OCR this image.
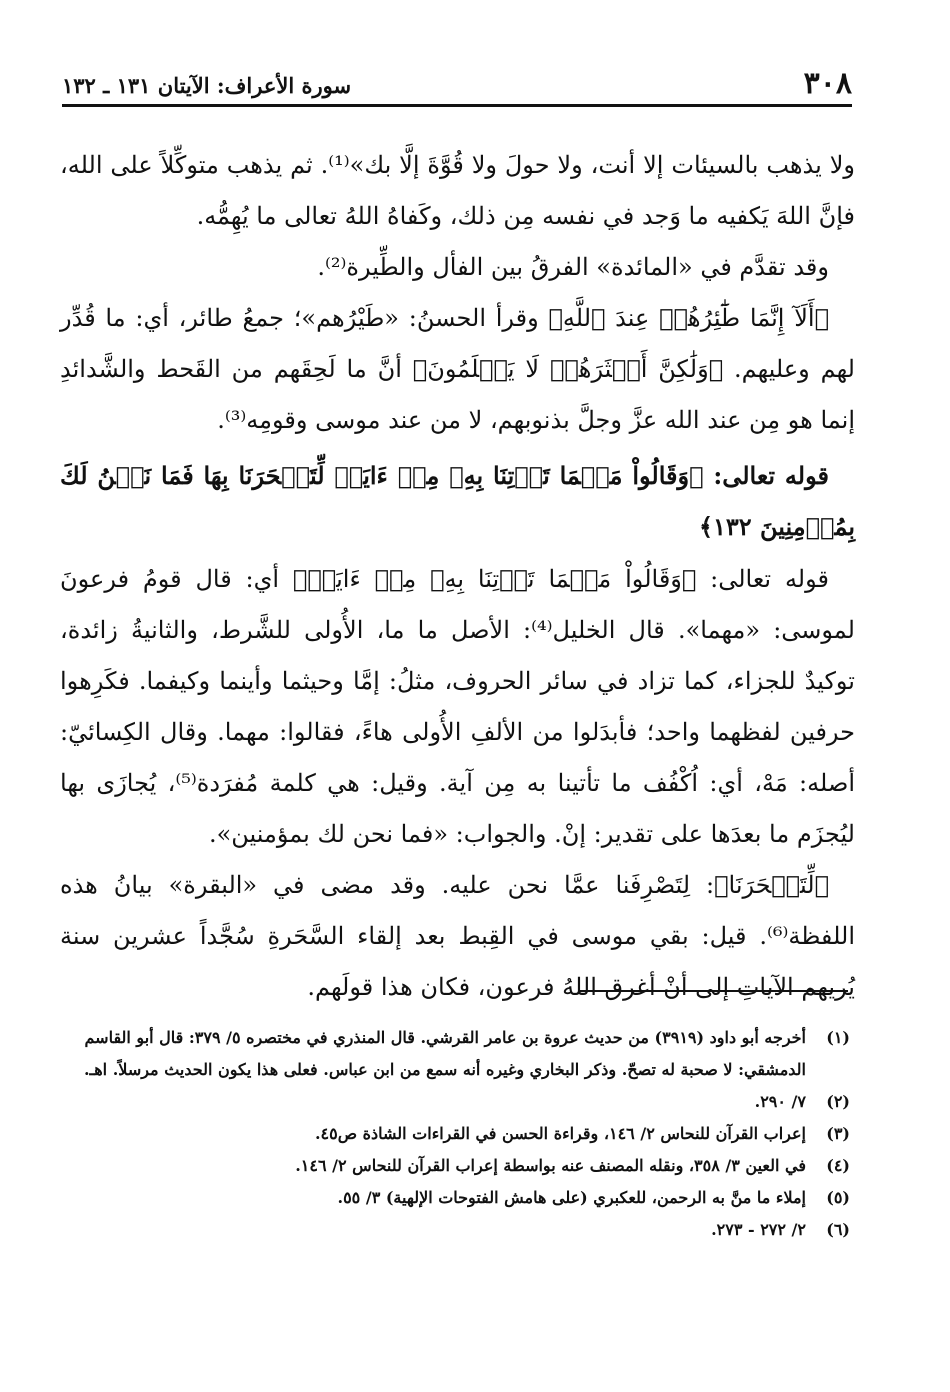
٣٠٨
سورة الأعراف: الآيتان ١٣١ ـ ١٣٢

ولا يذهب بالسيئات إلا أنت، ولا حولَ ولا قُوَّةَ إلَّا بك»⁽¹⁾. ثم يذهب متوكِّلاً على الله، فإنَّ اللهَ يَكفيه ما وَجد في نفسه مِن ذلك، وكَفاهُ اللهُ تعالى ما يُهِمُّه.

وقد تقدَّم في «المائدة» الفرقُ بين الفأل والطِّيرة⁽²⁾.

﴿أَلَآ إِنَّمَا طَٰٓئِرُهُمۡ عِندَ ٱللَّهِ﴾ وقرأ الحسنُ: «طَيْرُهم»؛ جمعُ طائر، أي: ما قُدِّر لهم وعليهم. ﴿وَلَٰكِنَّ أَكۡثَرَهُمۡ لَا يَعۡلَمُونَ﴾ أنَّ ما لَحِقَهم من القَحط والشَّدائدِ إنما هو مِن عند الله عزَّ وجلَّ بذنوبهم، لا من عند موسى وقومِه⁽³⁾.

قوله تعالى: ﴿وَقَالُواْ مَهۡمَا تَأۡتِنَا بِهِۦ مِنۡ ءَايَةٖ لِّتَسۡحَرَنَا بِهَا فَمَا نَحۡنُ لَكَ بِمُؤۡمِنِينَ ١٣٢﴾

قوله تعالى: ﴿وَقَالُواْ مَهۡمَا تَأۡتِنَا بِهِۦ مِنۡ ءَايَةٖ﴾ أي: قال قومُ فرعونَ لموسى: «مهما». قال الخليل⁽⁴⁾: الأصل ما ما، الأُولى للشَّرط، والثانيةُ زائدة، توكيدٌ للجزاء، كما تزاد في سائر الحروف، مثلُ: إمَّا وحيثما وأينما وكيفما. فكَرِهوا حرفين لفظهما واحد؛ فأبدَلوا من الألفِ الأُولى هاءً، فقالوا: مهما. وقال الكِسائيّ: أصله: مَهْ، أي: اُكْفُف ما تأتينا به مِن آية. وقيل: هي كلمة مُفرَدة⁽⁵⁾، يُجازَى بها ليُجزَم ما بعدَها على تقدير: إنْ. والجواب: «فما نحن لك بمؤمنين».

﴿لِّتَسۡحَرَنَا﴾: لِتَصْرِفَنا عمَّا نحن عليه. وقد مضى في «البقرة» بيانُ هذه اللفظة⁽⁶⁾. قيل: بقي موسى في القِبط بعد إلقاء السَّحَرةِ سُجَّداً عشرين سنة يُريهم الآياتِ إلى أنْ أغرق اللهُ فرعون، فكان هذا قولَهم.

(١)
أخرجه أبو داود (٣٩١٩) من حديث عروة بن عامر القرشي. قال المنذري في مختصره ٥/ ٣٧٩: قال أبو القاسم الدمشقي: لا صحبة له تصحّ. وذكر البخاري وغيره أنه سمع من ابن عباس. فعلى هذا يكون الحديث مرسلاً. اهـ.
(٢)
٧/ ٢٩٠.
(٣)
إعراب القرآن للنحاس ٢/ ١٤٦، وقراءة الحسن في القراءات الشاذة ص٤٥.
(٤)
في العين ٣/ ٣٥٨، ونقله المصنف عنه بواسطة إعراب القرآن للنحاس ٢/ ١٤٦.
(٥)
إملاء ما منَّ به الرحمن، للعكبري (على هامش الفتوحات الإلهية) ٣/ ٥٥.
(٦)
٢/ ٢٧٢ - ٢٧٣.
